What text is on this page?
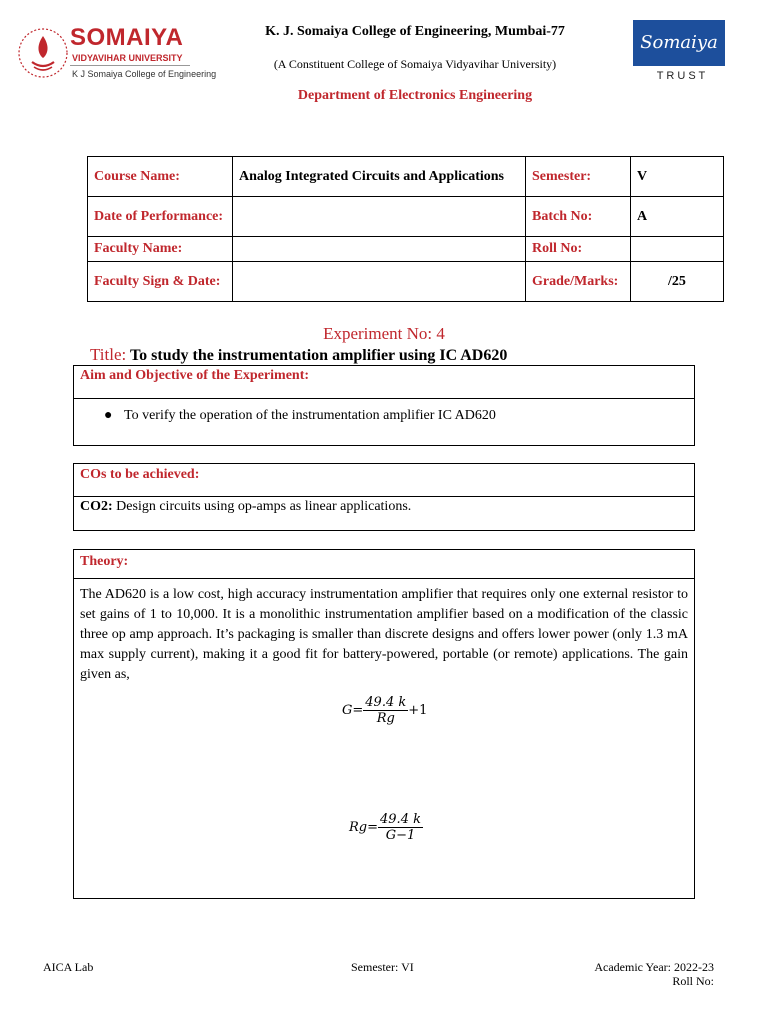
SOMAIYA
VIDYAVIHAR UNIVERSITY
K J Somaiya College of Engineering
K. J. Somaiya College of Engineering, Mumbai-77
(A Constituent College of Somaiya Vidyavihar University)
Department of Electronics Engineering
Somaiya
T R U S T
Course Name:	Analog Integrated Circuits and Applications	Semester:	V
Date of Performance:		Batch No:	A
Faculty Name:		Roll No:	
Faculty Sign & Date:		Grade/Marks:	/25
Experiment No: 4
Title: To study the instrumentation amplifier using IC AD620
Aim and Objective of the Experiment:
● To verify the operation of the instrumentation amplifier IC AD620
COs to be achieved:
CO2: Design circuits using op-amps as linear applications.
Theory:
The AD620 is a low cost, high accuracy instrumentation amplifier that requires only one external resistor to set gains of 1 to 10,000. It is a monolithic instrumentation amplifier based on a modification of the classic three op amp approach. It’s packaging is smaller than discrete designs and offers lower power (only 1.3 mA max supply current), making it a good fit for battery-powered, portable (or remote) applications. The gain given as,
$G= \frac{49.4 k}{Rg} +1$
$Rg= \frac{49.4 k}{G-1}$
AICA Lab	Semester: VI	Academic Year: 2022-23
Roll No:
